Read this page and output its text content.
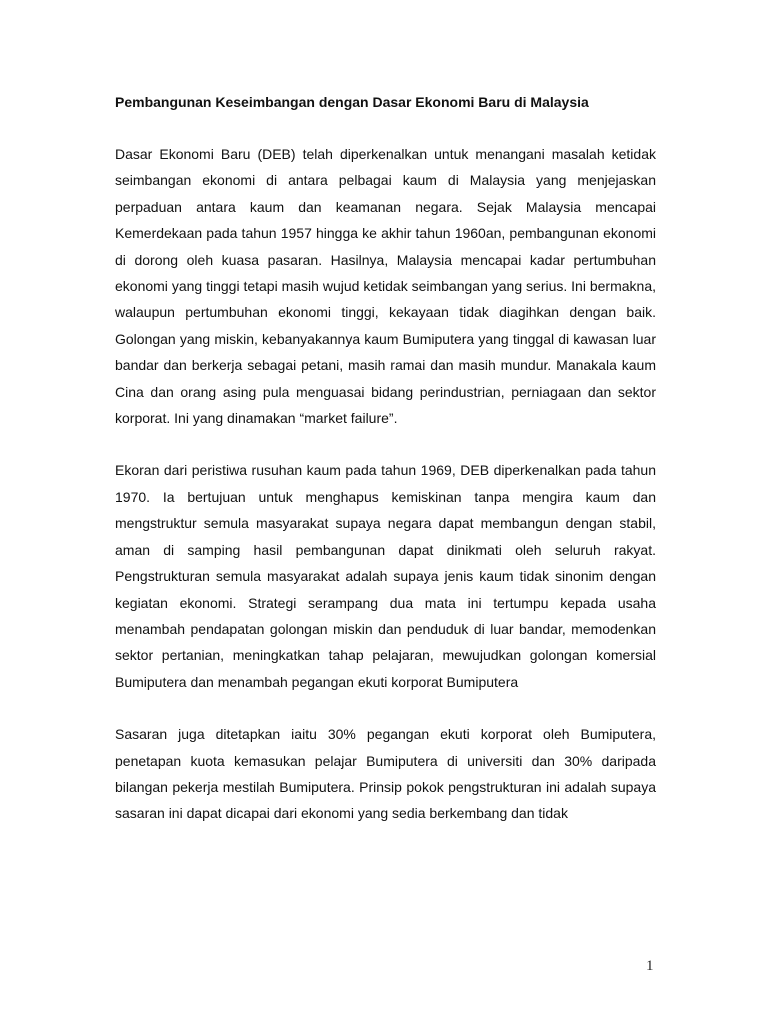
Pembangunan Keseimbangan dengan Dasar Ekonomi Baru di Malaysia

Dasar Ekonomi Baru (DEB) telah diperkenalkan untuk menangani masalah ketidak seimbangan ekonomi di antara pelbagai kaum di Malaysia yang menjejaskan perpaduan antara kaum dan keamanan negara. Sejak Malaysia mencapai Kemerdekaan pada tahun 1957 hingga ke akhir tahun 1960an, pembangunan ekonomi di dorong oleh kuasa pasaran. Hasilnya, Malaysia mencapai kadar pertumbuhan ekonomi yang tinggi tetapi masih wujud ketidak seimbangan yang serius. Ini bermakna, walaupun pertumbuhan ekonomi tinggi, kekayaan tidak diagihkan dengan baik. Golongan yang miskin, kebanyakannya kaum Bumiputera yang tinggal di kawasan luar bandar dan berkerja sebagai petani, masih ramai dan masih mundur. Manakala kaum Cina dan orang asing pula menguasai bidang perindustrian, perniagaan dan sektor korporat. Ini yang dinamakan “market failure”.

Ekoran dari peristiwa rusuhan kaum pada tahun 1969, DEB diperkenalkan pada tahun 1970. Ia bertujuan untuk menghapus kemiskinan tanpa mengira kaum dan mengstruktur semula masyarakat supaya negara dapat membangun dengan stabil, aman di samping hasil pembangunan dapat dinikmati oleh seluruh rakyat. Pengstrukturan semula masyarakat adalah supaya jenis kaum tidak sinonim dengan kegiatan ekonomi. Strategi serampang dua mata ini tertumpu kepada usaha menambah pendapatan golongan miskin dan penduduk di luar bandar, memodenkan sektor pertanian, meningkatkan tahap pelajaran, mewujudkan golongan komersial Bumiputera dan menambah pegangan ekuti korporat Bumiputera

Sasaran juga ditetapkan iaitu 30% pegangan ekuti korporat oleh Bumiputera, penetapan kuota kemasukan pelajar Bumiputera di universiti dan 30% daripada bilangan pekerja mestilah Bumiputera. Prinsip pokok pengstrukturan ini adalah supaya sasaran ini dapat dicapai dari ekonomi yang sedia berkembang dan tidak

1
